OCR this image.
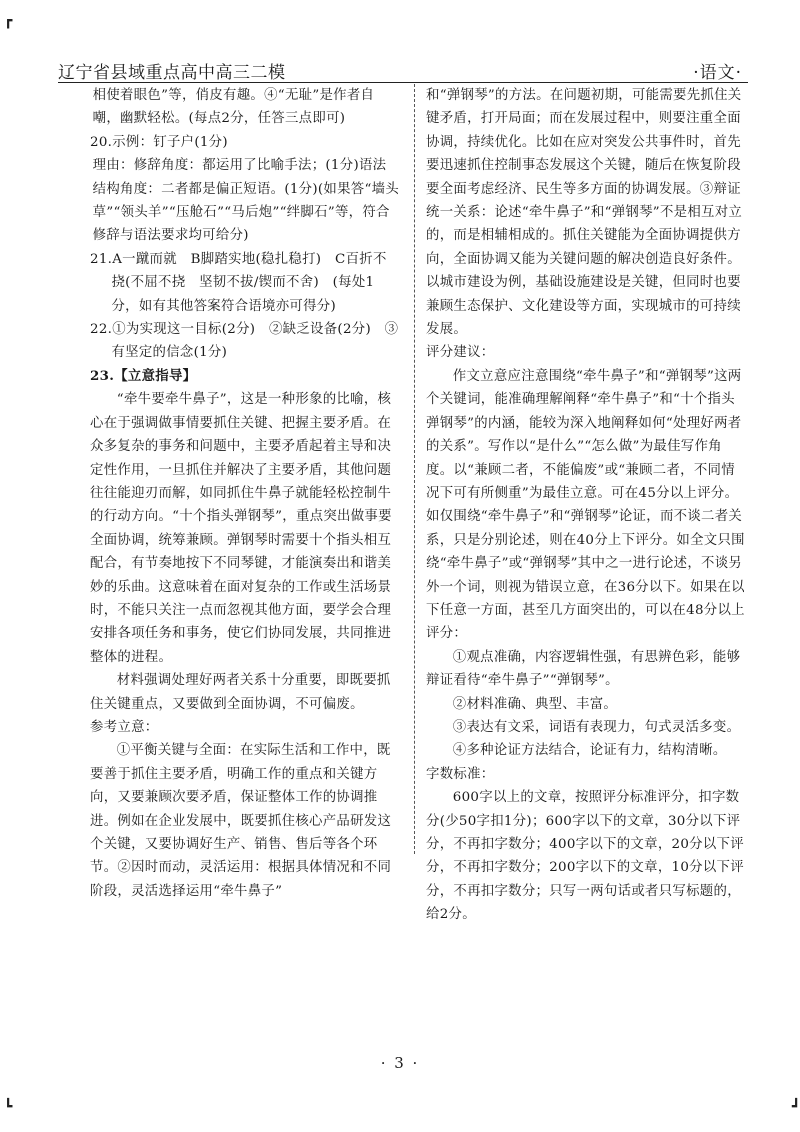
┏
┗	┛
辽宁省县域重点高中高三二模	·语文·

相使着眼色”等，俏皮有趣。④“无耻”是作者自嘲，幽默轻松。(每点2分，任答三点即可)

20.示例：钉子户(1分)

理由：修辞角度：都运用了比喻手法；(1分)语法结构角度：二者都是偏正短语。(1分)(如果答“墙头草”“领头羊”“压舱石”“马后炮”“绊脚石”等，符合修辞与语法要求均可给分)

21.A一蹴而就　B脚踏实地(稳扎稳打)　C百折不挠(不屈不挠　坚韧不拔/锲而不舍)　(每处1分，如有其他答案符合语境亦可得分)

22.①为实现这一目标(2分)　②缺乏设备(2分)　③有坚定的信念(1分)

23.【立意指导】

“牵牛要牵牛鼻子”，这是一种形象的比喻，核心在于强调做事情要抓住关键、把握主要矛盾。在众多复杂的事务和问题中，主要矛盾起着主导和决定性作用，一旦抓住并解决了主要矛盾，其他问题往往能迎刃而解，如同抓住牛鼻子就能轻松控制牛的行动方向。“十个指头弹钢琴”，重点突出做事要全面协调，统筹兼顾。弹钢琴时需要十个指头相互配合，有节奏地按下不同琴键，才能演奏出和谐美妙的乐曲。这意味着在面对复杂的工作或生活场景时，不能只关注一点而忽视其他方面，要学会合理安排各项任务和事务，使它们协同发展，共同推进整体的进程。

材料强调处理好两者关系十分重要，即既要抓住关键重点，又要做到全面协调，不可偏废。

参考立意：

①平衡关键与全面：在实际生活和工作中，既要善于抓住主要矛盾，明确工作的重点和关键方向，又要兼顾次要矛盾，保证整体工作的协调推进。例如在企业发展中，既要抓住核心产品研发这个关键，又要协调好生产、销售、售后等各个环节。②因时而动，灵活运用：根据具体情况和不同阶段，灵活选择运用“牵牛鼻子”

和“弹钢琴”的方法。在问题初期，可能需要先抓住关键矛盾，打开局面；而在发展过程中，则要注重全面协调，持续优化。比如在应对突发公共事件时，首先要迅速抓住控制事态发展这个关键，随后在恢复阶段要全面考虑经济、民生等多方面的协调发展。③辩证统一关系：论述“牵牛鼻子”和“弹钢琴”不是相互对立的，而是相辅相成的。抓住关键能为全面协调提供方向，全面协调又能为关键问题的解决创造良好条件。以城市建设为例，基础设施建设是关键，但同时也要兼顾生态保护、文化建设等方面，实现城市的可持续发展。

评分建议：

作文立意应注意围绕“牵牛鼻子”和“弹钢琴”这两个关键词，能准确理解阐释“牵牛鼻子”和“十个指头弹钢琴”的内涵，能较为深入地阐释如何“处理好两者的关系”。写作以“是什么”“怎么做”为最佳写作角度。以“兼顾二者，不能偏废”或“兼顾二者，不同情况下可有所侧重”为最佳立意。可在45分以上评分。如仅围绕“牵牛鼻子”和“弹钢琴”论证，而不谈二者关系，只是分别论述，则在40分上下评分。如全文只围绕“牵牛鼻子”或“弹钢琴”其中之一进行论述，不谈另外一个词，则视为错误立意，在36分以下。如果在以下任意一方面，甚至几方面突出的，可以在48分以上评分：

①观点准确，内容逻辑性强，有思辨色彩，能够辩证看待“牵牛鼻子”“弹钢琴”。

②材料准确、典型、丰富。

③表达有文采，词语有表现力，句式灵活多变。

④多种论证方法结合，论证有力，结构清晰。

字数标准：

600字以上的文章，按照评分标准评分，扣字数分(少50字扣1分)；600字以下的文章，30分以下评分，不再扣字数分；400字以下的文章，20分以下评分，不再扣字数分；200字以下的文章，10分以下评分，不再扣字数分；只写一两句话或者只写标题的，给2分。

· 3 ·
